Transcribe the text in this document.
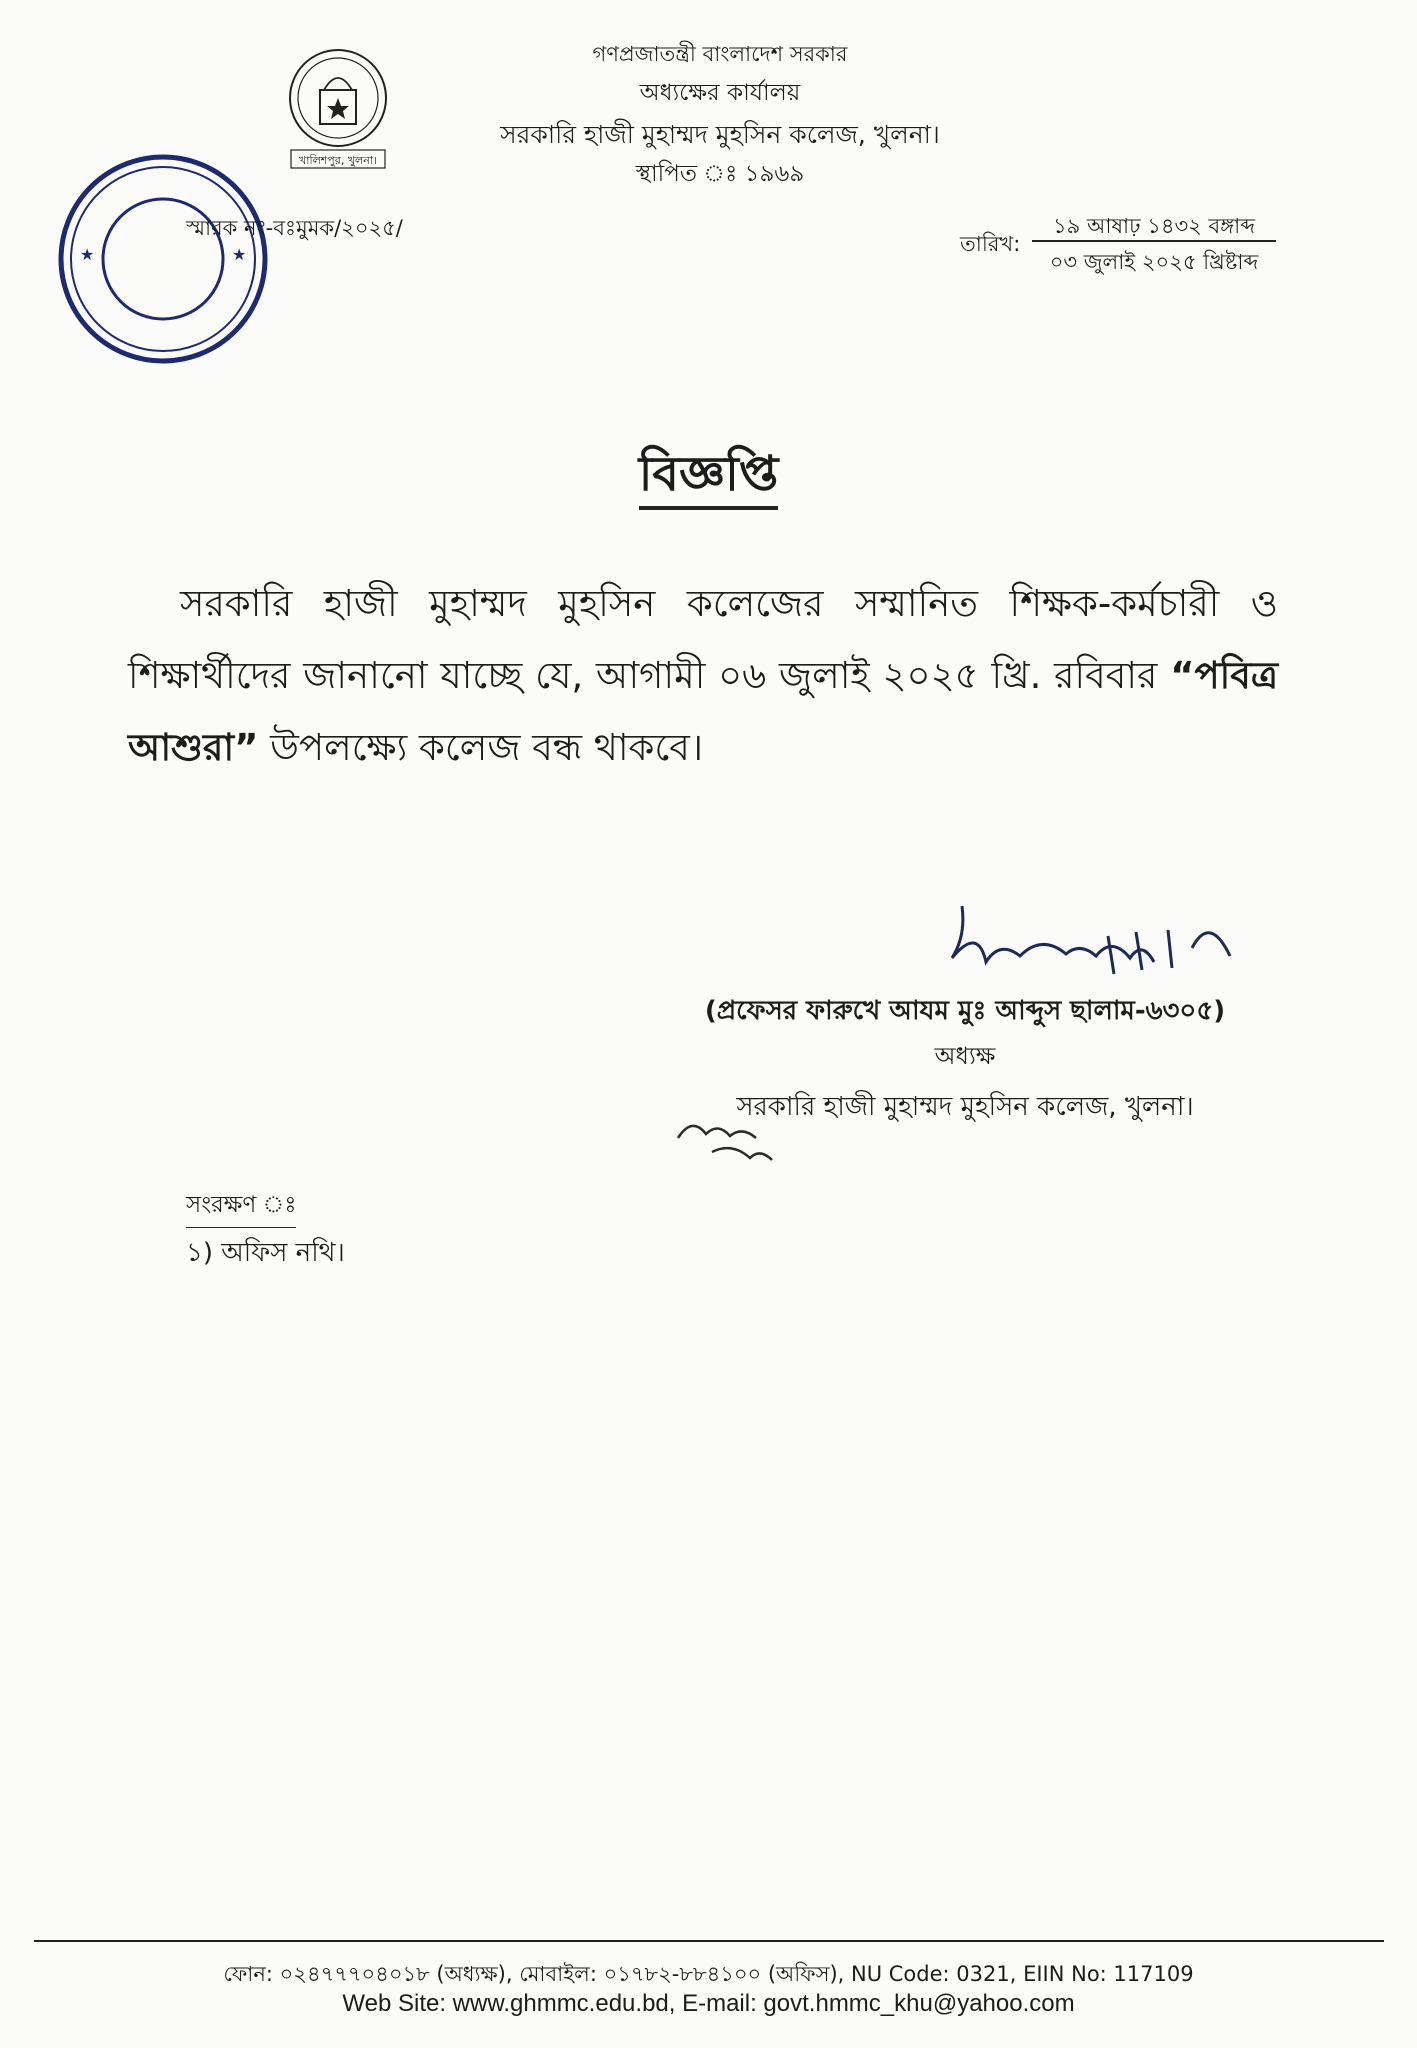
খালিশপুর, খুলনা।
গণপ্রজাতন্ত্রী বাংলাদেশ সরকার
অধ্যক্ষের কার্যালয়
সরকারি হাজী মুহাম্মদ মুহসিন কলেজ, খুলনা।
স্থাপিত ঃ ১৯৬৯
★	★
স্মারক নং-বঃমুমক/২০২৫/
তারিখ:
১৯ আষাঢ় ১৪৩২ বঙ্গাব্দ
০৩ জুলাই ২০২৫ খ্রিষ্টাব্দ
বিজ্ঞপ্তি
সরকারি হাজী মুহাম্মদ মুহসিন কলেজের সম্মানিত শিক্ষক-কর্মচারী ও শিক্ষার্থীদের জানানো যাচ্ছে যে, আগামী ০৬ জুলাই ২০২৫ খ্রি. রবিবার “পবিত্র আশুরা” উপলক্ষ্যে কলেজ বন্ধ থাকবে।
(প্রফেসর ফারুখে আযম মুঃ আব্দুস ছালাম-৬৩০৫)
অধ্যক্ষ
সরকারি হাজী মুহাম্মদ মুহসিন কলেজ, খুলনা।
সংরক্ষণ ঃ
১) অফিস নথি।
ফোন: ০২৪৭৭৭০৪০১৮ (অধ্যক্ষ), মোবাইল: ০১৭৮২-৮৮৪১০০ (অফিস), NU Code: 0321, EIIN No: 117109
Web Site: www.ghmmc.edu.bd, E-mail: govt.hmmc_khu@yahoo.com
